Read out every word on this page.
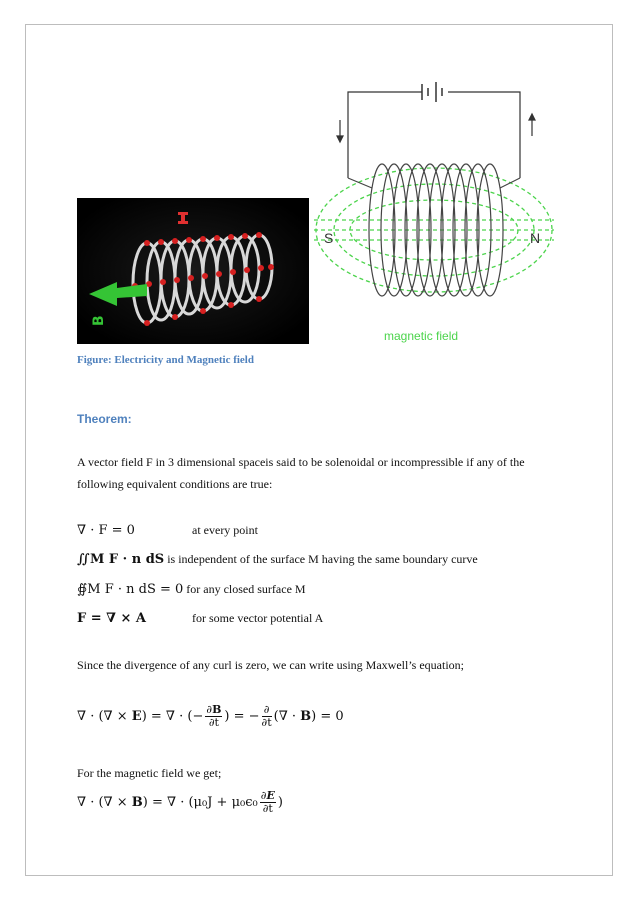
B
S	N
magnetic field
Figure: Electricity and Magnetic field
Theorem:
A vector field F in 3 dimensional spaceis said to be solenoidal or incompressible if any of the
following equivalent conditions are true:
∇ · F = 0	at every point
∬M F · n dS is independent of the surface M having the same boundary curve
∯M F · n dS = 0 for any closed surface M
F = ∇ × A	for some vector potential A
Since the divergence of any curl is zero, we can write using Maxwell’s equation;
∇ · (∇ × E) = ∇ · (− $\frac{\partial B}{\partial t}$ ) = − $\frac{\partial}{\partial t}$ (∇ · B) = 0
For the magnetic field we get;
∇ · (∇ × B) = ∇ · ($\mu_0J + \mu_0\epsilon_0 \frac{\partial E}{\partial t}$ )
